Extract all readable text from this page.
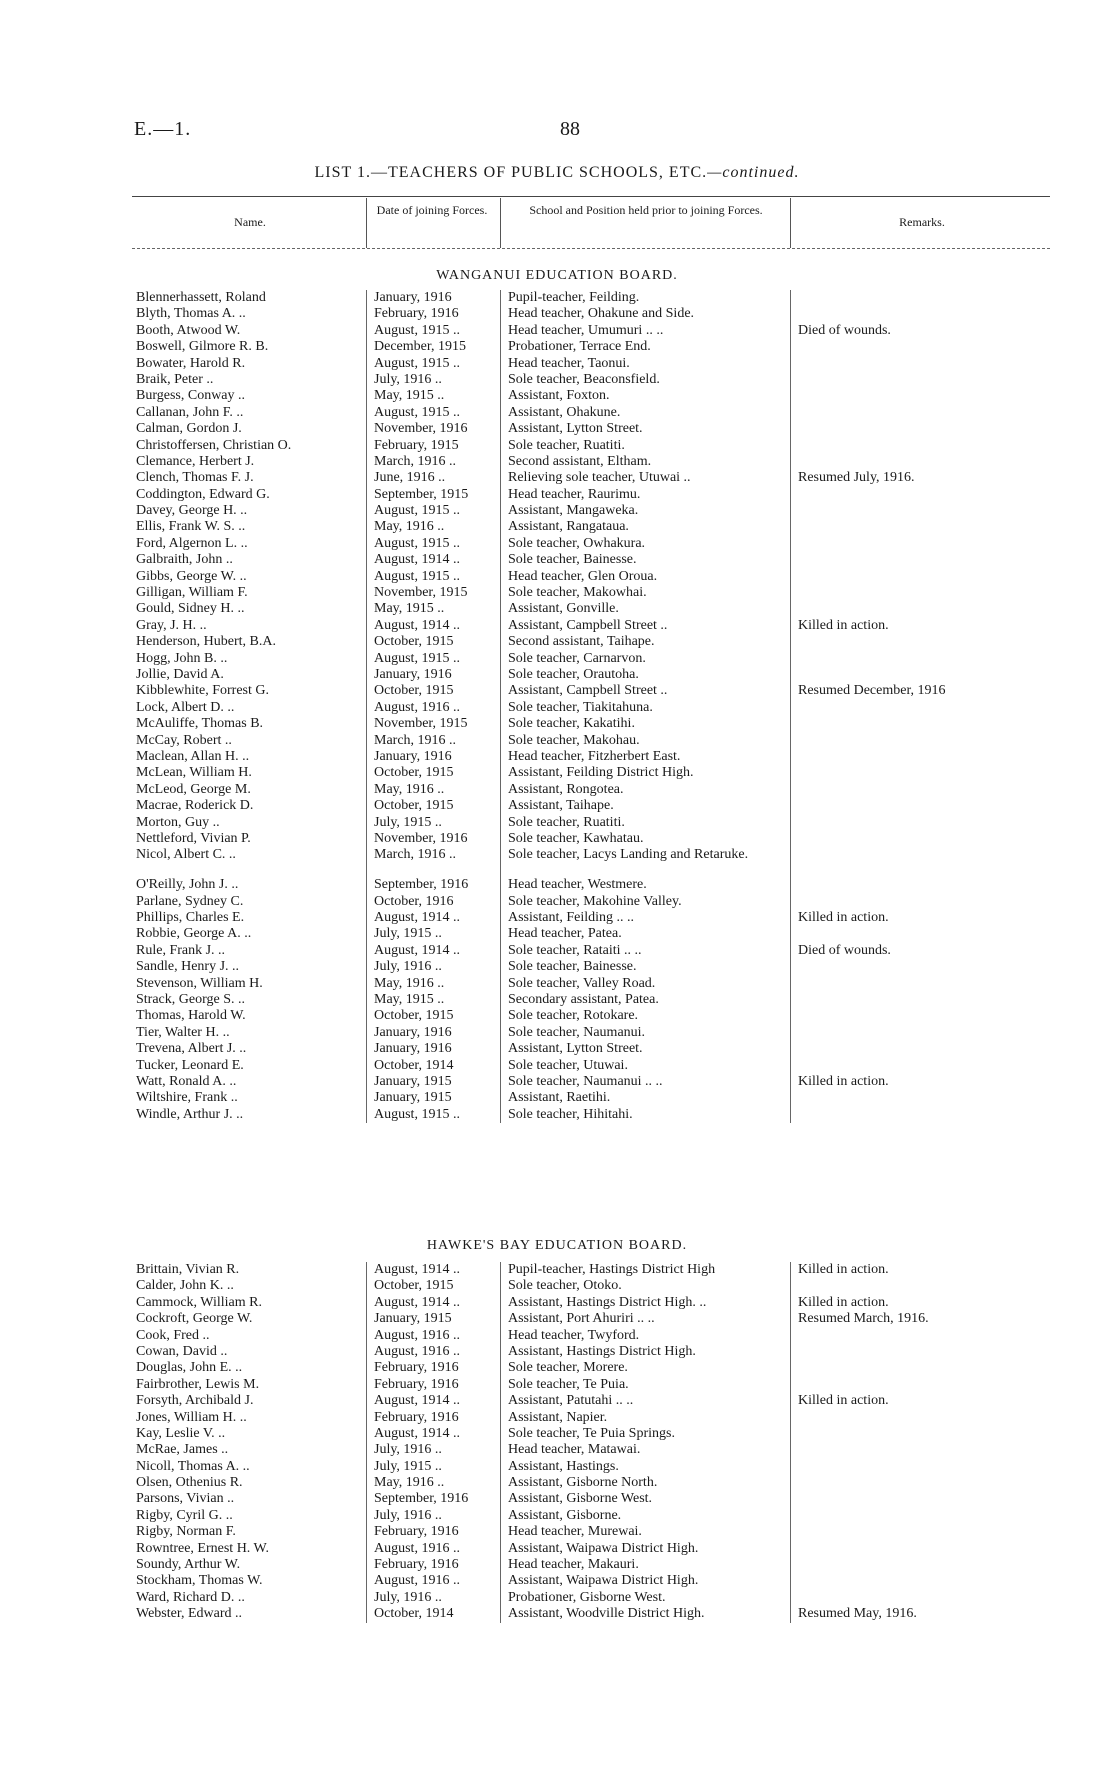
E.—1.	88
LIST 1.—TEACHERS OF PUBLIC SCHOOLS, ETC.—continued.
Name.
Date of joining Forces.	School and Position held prior to joining Forces.
Remarks.
WANGANUI EDUCATION BOARD.
Blennerhassett, Roland	January, 1916	Pupil-teacher, Feilding.
Blyth, Thomas A. ..	February, 1916	Head teacher, Ohakune and Side.
Booth, Atwood W.	August, 1915 ..	Head teacher, Umumuri .. ..	Died of wounds.
Boswell, Gilmore R. B.	December, 1915	Probationer, Terrace End.
Bowater, Harold R.	August, 1915 ..	Head teacher, Taonui.
Braik, Peter ..	July, 1916 ..	Sole teacher, Beaconsfield.
Burgess, Conway ..	May, 1915 ..	Assistant, Foxton.
Callanan, John F. ..	August, 1915 ..	Assistant, Ohakune.
Calman, Gordon J.	November, 1916	Assistant, Lytton Street.
Christoffersen, Christian O.	February, 1915	Sole teacher, Ruatiti.
Clemance, Herbert J.	March, 1916 ..	Second assistant, Eltham.
Clench, Thomas F. J.	June, 1916 ..	Relieving sole teacher, Utuwai ..	Resumed July, 1916.
Coddington, Edward G.	September, 1915	Head teacher, Raurimu.
Davey, George H. ..	August, 1915 ..	Assistant, Mangaweka.
Ellis, Frank W. S. ..	May, 1916 ..	Assistant, Rangataua.
Ford, Algernon L. ..	August, 1915 ..	Sole teacher, Owhakura.
Galbraith, John ..	August, 1914 ..	Sole teacher, Bainesse.
Gibbs, George W. ..	August, 1915 ..	Head teacher, Glen Oroua.
Gilligan, William F.	November, 1915	Sole teacher, Makowhai.
Gould, Sidney H. ..	May, 1915 ..	Assistant, Gonville.
Gray, J. H. ..	August, 1914 ..	Assistant, Campbell Street ..	Killed in action.
Henderson, Hubert, B.A.	October, 1915	Second assistant, Taihape.
Hogg, John B. ..	August, 1915 ..	Sole teacher, Carnarvon.
Jollie, David A.	January, 1916	Sole teacher, Orautoha.
Kibblewhite, Forrest G.	October, 1915	Assistant, Campbell Street ..	Resumed December, 1916
Lock, Albert D. ..	August, 1916 ..	Sole teacher, Tiakitahuna.
McAuliffe, Thomas B.	November, 1915	Sole teacher, Kakatihi.
McCay, Robert ..	March, 1916 ..	Sole teacher, Makohau.
Maclean, Allan H. ..	January, 1916	Head teacher, Fitzherbert East.
McLean, William H.	October, 1915	Assistant, Feilding District High.
McLeod, George M.	May, 1916 ..	Assistant, Rongotea.
Macrae, Roderick D.	October, 1915	Assistant, Taihape.
Morton, Guy ..	July, 1915 ..	Sole teacher, Ruatiti.
Nettleford, Vivian P.	November, 1916	Sole teacher, Kawhatau.
Nicol, Albert C. ..	March, 1916 ..	Sole teacher, Lacys Landing and Retaruke.
O'Reilly, John J. ..	September, 1916	Head teacher, Westmere.
Parlane, Sydney C.	October, 1916	Sole teacher, Makohine Valley.
Phillips, Charles E.	August, 1914 ..	Assistant, Feilding .. ..	Killed in action.
Robbie, George A. ..	July, 1915 ..	Head teacher, Patea.
Rule, Frank J. ..	August, 1914 ..	Sole teacher, Rataiti .. ..	Died of wounds.
Sandle, Henry J. ..	July, 1916 ..	Sole teacher, Bainesse.
Stevenson, William H.	May, 1916 ..	Sole teacher, Valley Road.
Strack, George S. ..	May, 1915 ..	Secondary assistant, Patea.
Thomas, Harold W.	October, 1915	Sole teacher, Rotokare.
Tier, Walter H. ..	January, 1916	Sole teacher, Naumanui.
Trevena, Albert J. ..	January, 1916	Assistant, Lytton Street.
Tucker, Leonard E.	October, 1914	Sole teacher, Utuwai.
Watt, Ronald A. ..	January, 1915	Sole teacher, Naumanui .. ..	Killed in action.
Wiltshire, Frank ..	January, 1915	Assistant, Raetihi.
Windle, Arthur J. ..	August, 1915 ..	Sole teacher, Hihitahi.
HAWKE'S BAY EDUCATION BOARD.
Brittain, Vivian R.	August, 1914 ..	Pupil-teacher, Hastings District High	Killed in action.
Calder, John K. ..	October, 1915	Sole teacher, Otoko.
Cammock, William R.	August, 1914 ..	Assistant, Hastings District High. ..	Killed in action.
Cockroft, George W.	January, 1915	Assistant, Port Ahuriri .. ..	Resumed March, 1916.
Cook, Fred ..	August, 1916 ..	Head teacher, Twyford.
Cowan, David ..	August, 1916 ..	Assistant, Hastings District High.
Douglas, John E. ..	February, 1916	Sole teacher, Morere.
Fairbrother, Lewis M.	February, 1916	Sole teacher, Te Puia.
Forsyth, Archibald J.	August, 1914 ..	Assistant, Patutahi .. ..	Killed in action.
Jones, William H. ..	February, 1916	Assistant, Napier.
Kay, Leslie V. ..	August, 1914 ..	Sole teacher, Te Puia Springs.
McRae, James ..	July, 1916 ..	Head teacher, Matawai.
Nicoll, Thomas A. ..	July, 1915 ..	Assistant, Hastings.
Olsen, Othenius R.	May, 1916 ..	Assistant, Gisborne North.
Parsons, Vivian ..	September, 1916	Assistant, Gisborne West.
Rigby, Cyril G. ..	July, 1916 ..	Assistant, Gisborne.
Rigby, Norman F.	February, 1916	Head teacher, Murewai.
Rowntree, Ernest H. W.	August, 1916 ..	Assistant, Waipawa District High.
Soundy, Arthur W.	February, 1916	Head teacher, Makauri.
Stockham, Thomas W.	August, 1916 ..	Assistant, Waipawa District High.
Ward, Richard D. ..	July, 1916 ..	Probationer, Gisborne West.
Webster, Edward ..	October, 1914	Assistant, Woodville District High.	Resumed May, 1916.
